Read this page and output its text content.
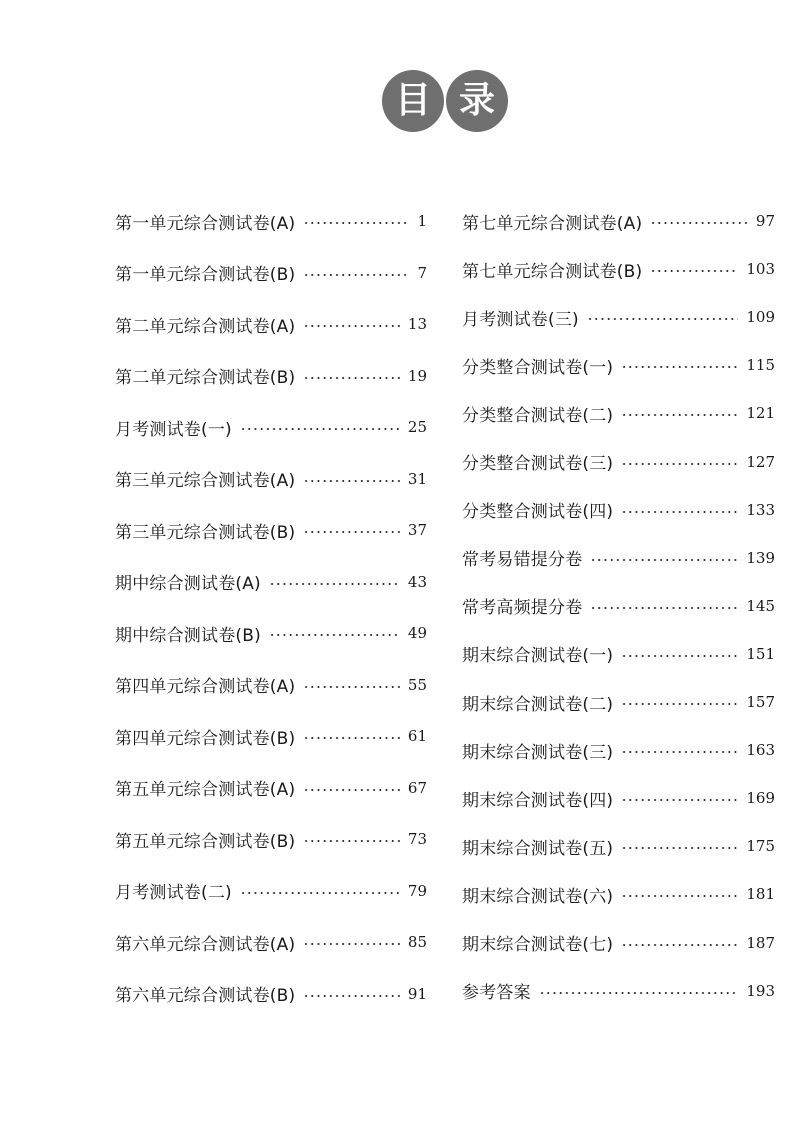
目 录
第一单元综合测试卷(A)	1
第一单元综合测试卷(B)	7
第二单元综合测试卷(A)	13
第二单元综合测试卷(B)	19
月考测试卷(一)	25
第三单元综合测试卷(A)	31
第三单元综合测试卷(B)	37
期中综合测试卷(A)	43
期中综合测试卷(B)	49
第四单元综合测试卷(A)	55
第四单元综合测试卷(B)	61
第五单元综合测试卷(A)	67
第五单元综合测试卷(B)	73
月考测试卷(二)	79
第六单元综合测试卷(A)	85
第六单元综合测试卷(B)	91
第七单元综合测试卷(A)	97
第七单元综合测试卷(B)	103
月考测试卷(三)	109
分类整合测试卷(一)	115
分类整合测试卷(二)	121
分类整合测试卷(三)	127
分类整合测试卷(四)	133
常考易错提分卷	139
常考高频提分卷	145
期末综合测试卷(一)	151
期末综合测试卷(二)	157
期末综合测试卷(三)	163
期末综合测试卷(四)	169
期末综合测试卷(五)	175
期末综合测试卷(六)	181
期末综合测试卷(七)	187
参考答案	193
